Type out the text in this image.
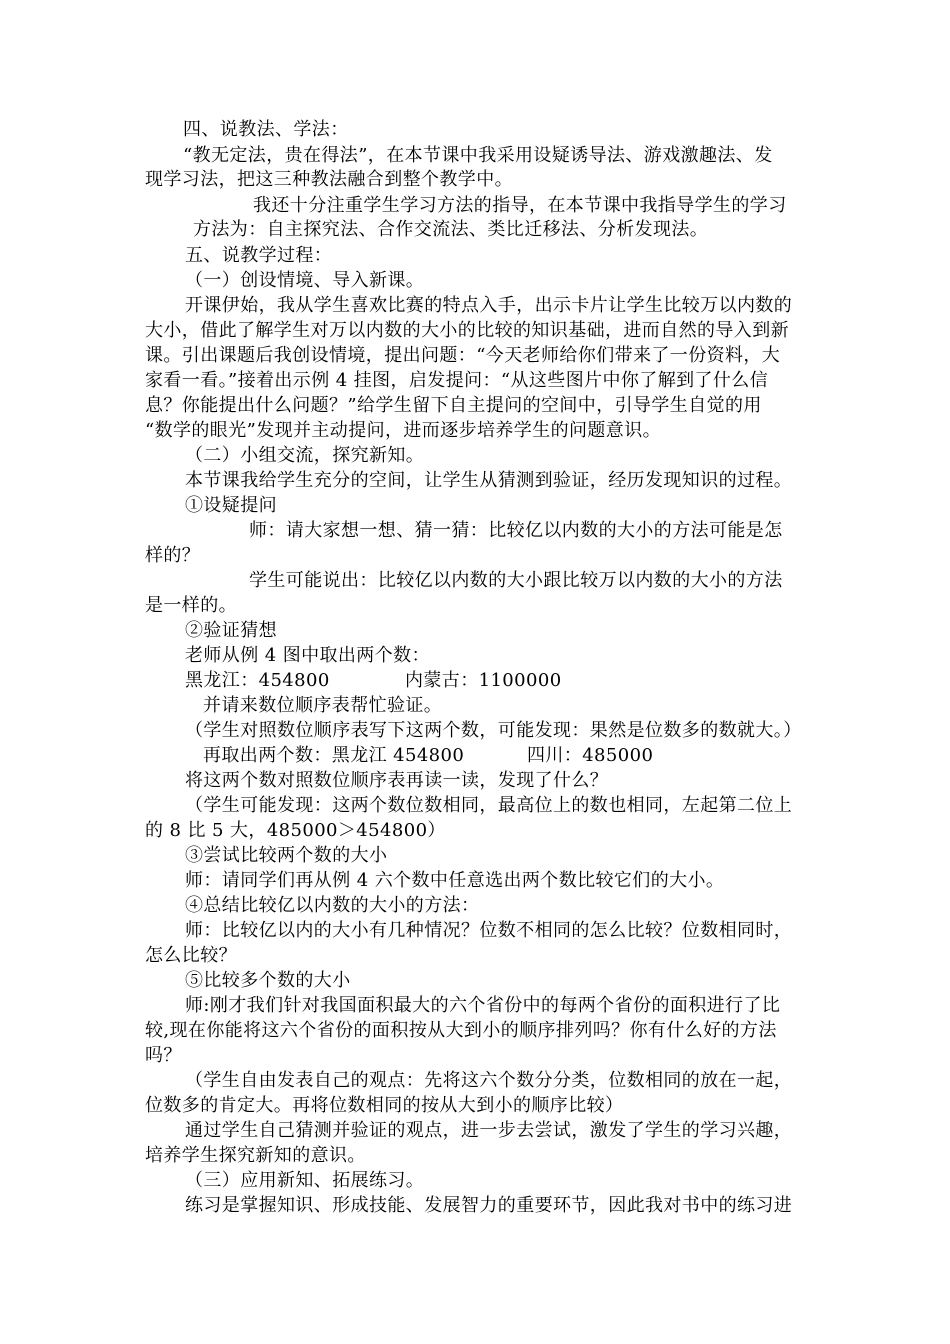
四、说教法、学法：
“教无定法，贵在得法”，在本节课中我采用设疑诱导法、游戏激趣法、发
现学习法，把这三种教法融合到整个教学中。
我还十分注重学生学习方法的指导，在本节课中我指导学生的学习
方法为：自主探究法、合作交流法、类比迁移法、分析发现法。
五、说教学过程：
（一）创设情境、导入新课。
开课伊始，我从学生喜欢比赛的特点入手，出示卡片让学生比较万以内数的
大小，借此了解学生对万以内数的大小的比较的知识基础，进而自然的导入到新
课。引出课题后我创设情境，提出问题：“今天老师给你们带来了一份资料，大
家看一看。”接着出示例 4 挂图，启发提问：“从这些图片中你了解到了什么信
息？你能提出什么问题？”给学生留下自主提问的空间中，引导学生自觉的用
“数学的眼光”发现并主动提问，进而逐步培养学生的问题意识。
（二）小组交流，探究新知。
本节课我给学生充分的空间，让学生从猜测到验证，经历发现知识的过程。
①设疑提问
师：请大家想一想、猜一猜：比较亿以内数的大小的方法可能是怎
样的？
学生可能说出：比较亿以内数的大小跟比较万以内数的大小的方法
是一样的。
②验证猜想
老师从例 4 图中取出两个数：
黑龙江：454800	内蒙古：1100000
并请来数位顺序表帮忙验证。
（学生对照数位顺序表写下这两个数，可能发现：果然是位数多的数就大。）
再取出两个数：黑龙江 454800	四川：485000
将这两个数对照数位顺序表再读一读，发现了什么？
（学生可能发现：这两个数位数相同，最高位上的数也相同，左起第二位上
的 8 比 5 大，485000＞454800）
③尝试比较两个数的大小
师：请同学们再从例 4 六个数中任意选出两个数比较它们的大小。
④总结比较亿以内数的大小的方法：
师：比较亿以内的大小有几种情况？位数不相同的怎么比较？位数相同时，
怎么比较？
⑤比较多个数的大小
师:刚才我们针对我国面积最大的六个省份中的每两个省份的面积进行了比
较,现在你能将这六个省份的面积按从大到小的顺序排列吗？你有什么好的方法
吗？
（学生自由发表自己的观点：先将这六个数分分类，位数相同的放在一起，
位数多的肯定大。再将位数相同的按从大到小的顺序比较）
通过学生自己猜测并验证的观点，进一步去尝试，激发了学生的学习兴趣，
培养学生探究新知的意识。
（三）应用新知、拓展练习。
练习是掌握知识、形成技能、发展智力的重要环节，因此我对书中的练习进
